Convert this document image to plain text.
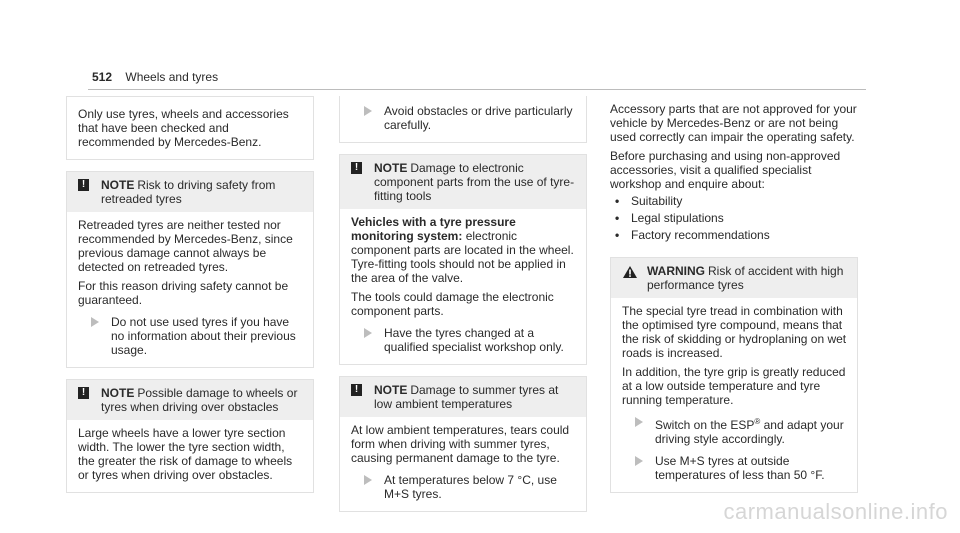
512 Wheels and tyres

Only use tyres, wheels and accessories that have been checked and recommended by Mercedes-Benz.

!	NOTE Risk to driving safety from retreaded tyres

Retreaded tyres are neither tested nor recommended by Mercedes-Benz, since previous damage cannot always be detected on retreaded tyres.

For this reason driving safety cannot be guaranteed.

Do not use used tyres if you have no information about their previous usage.

!	NOTE Possible damage to wheels or tyres when driving over obstacles

Large wheels have a lower tyre section width. The lower the tyre section width, the greater the risk of damage to wheels or tyres when driving over obstacles.

Avoid obstacles or drive particularly carefully.

!	NOTE Damage to electronic component parts from the use of tyre-fitting tools

Vehicles with a tyre pressure monitoring system: electronic component parts are located in the wheel. Tyre-fitting tools should not be applied in the area of the valve.

The tools could damage the electronic component parts.

Have the tyres changed at a qualified specialist workshop only.

!	NOTE Damage to summer tyres at low ambient temperatures

At low ambient temperatures, tears could form when driving with summer tyres, causing permanent damage to the tyre.

At temperatures below 7 °C, use M+S tyres.

Accessory parts that are not approved for your vehicle by Mercedes-Benz or are not being used correctly can impair the operating safety.

Before purchasing and using non-approved accessories, visit a qualified specialist workshop and enquire about:

• Suitability
• Legal stipulations
• Factory recommendations
WARNING Risk of accident with high performance tyres

The special tyre tread in combination with the optimised tyre compound, means that the risk of skidding or hydroplaning on wet roads is increased.

In addition, the tyre grip is greatly reduced at a low outside temperature and tyre running temperature.

Switch on the ESP® and adapt your driving style accordingly.

Use M+S tyres at outside temperatures of less than 50 °F.

carmanualsonline.info
